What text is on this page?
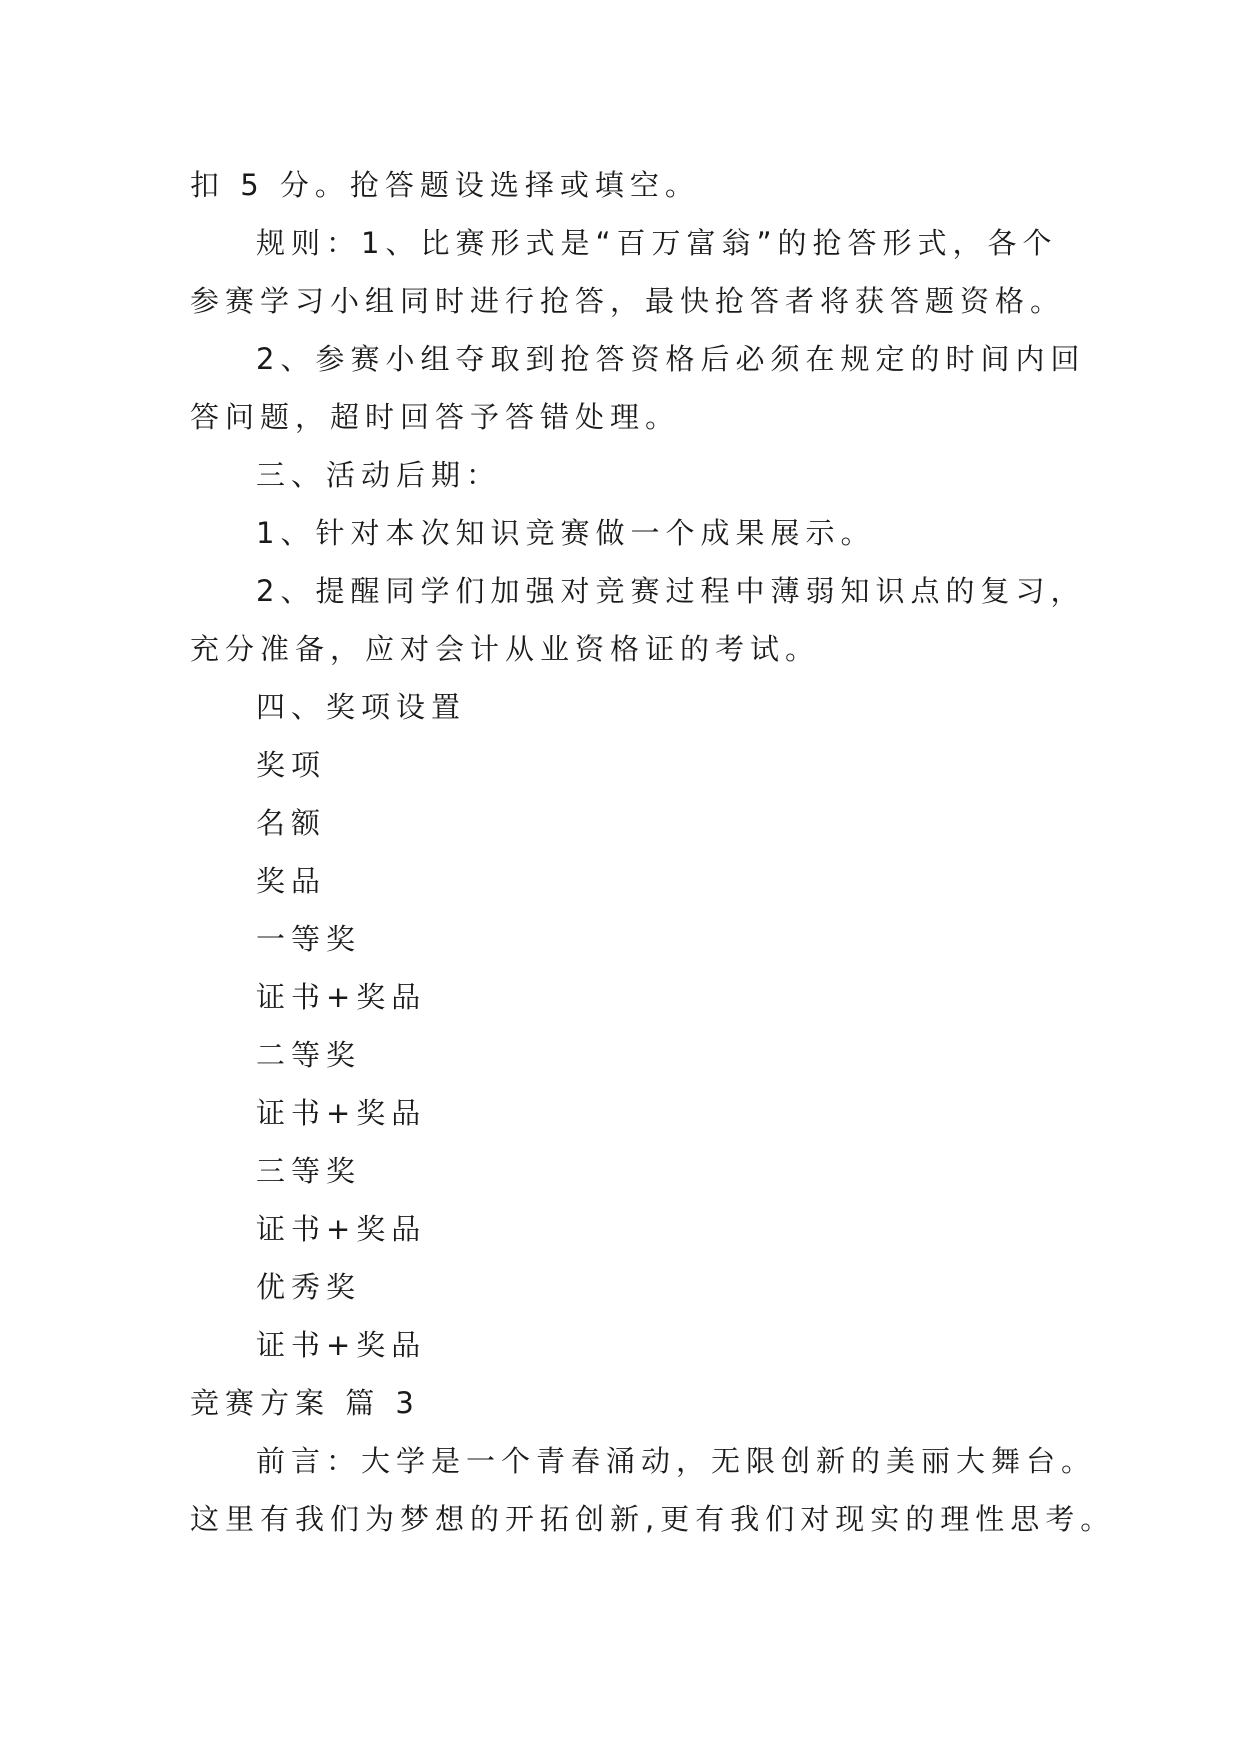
扣 5 分。抢答题设选择或填空。
规则：1、比赛形式是“百万富翁”的抢答形式，各个
参赛学习小组同时进行抢答，最快抢答者将获答题资格。
2、参赛小组夺取到抢答资格后必须在规定的时间内回
答问题，超时回答予答错处理。
三、活动后期：
1、针对本次知识竞赛做一个成果展示。
2、提醒同学们加强对竞赛过程中薄弱知识点的复习，
充分准备，应对会计从业资格证的考试。
四、奖项设置
奖项
名额
奖品
一等奖
证书+奖品
二等奖
证书+奖品
三等奖
证书+奖品
优秀奖
证书+奖品
竞赛方案 篇 3
前言：大学是一个青春涌动，无限创新的美丽大舞台。
这里有我们为梦想的开拓创新,更有我们对现实的理性思考。
